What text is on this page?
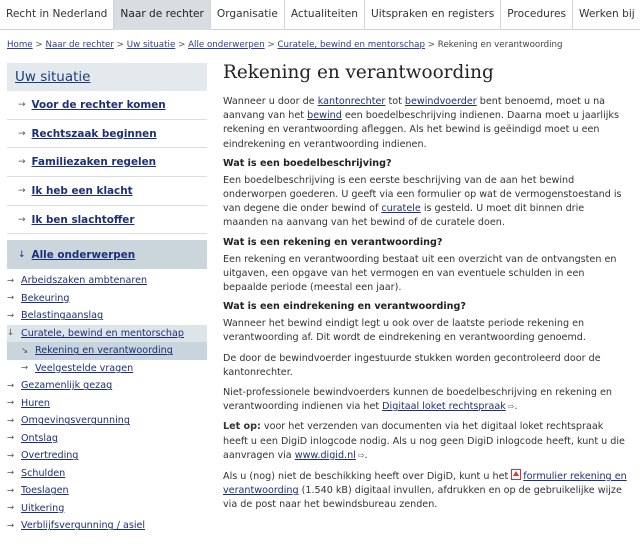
Recht in Nederland	Naar de rechter	Organisatie	Actualiteiten	Uitspraken en registers	Procedures	Werken bij
Home > Naar de rechter > Uw situatie > Alle onderwerpen > Curatele, bewind en mentorschap > Rekening en verantwoording
Uw situatie
→ Voor de rechter komen
→ Rechtszaak beginnen
→ Familiezaken regelen
→ Ik heb een klacht
→ Ik ben slachtoffer
↓ Alle onderwerpen
→ Arbeidszaken ambtenaren
→ Bekeuring
→ Belastingaanslag
↓ Curatele, bewind en mentorschap
↘ Rekening en verantwoording
→ Veelgestelde vragen
→ Gezamenlijk gezag
→ Huren
→ Omgevingsvergunning
→ Ontslag
→ Overtreding
→ Schulden
→ Toeslagen
→ Uitkering
→ Verblijfsvergunning / asiel
Rekening en verantwoording

Wanneer u door de kantonrechter tot bewindvoerder bent benoemd, moet u na aanvang van het bewind een boedelbeschrijving indienen. Daarna moet u jaarlijks rekening en verantwoording afleggen. Als het bewind is geëindigd moet u een eindrekening en verantwoording indienen.

Wat is een boedelbeschrijving?

Een boedelbeschrijving is een eerste beschrijving van de aan het bewind onderworpen goederen. U geeft via een formulier op wat de vermogenstoestand is van degene die onder bewind of curatele is gesteld. U moet dit binnen drie maanden na aanvang van het bewind of de curatele doen.

Wat is een rekening en verantwoording?

Een rekening en verantwoording bestaat uit een overzicht van de ontvangsten en uitgaven, een opgave van het vermogen en van eventuele schulden in een bepaalde periode (meestal een jaar).

Wat is een eindrekening en verantwoording?

Wanneer het bewind eindigt legt u ook over de laatste periode rekening en verantwoording af. Dit wordt de eindrekening en verantwoording genoemd.

De door de bewindvoerder ingestuurde stukken worden gecontroleerd door de kantonrechter.

Niet-professionele bewindvoerders kunnen de boedelbeschrijving en rekening en verantwoording indienen via het Digitaal loket rechtspraak ⇨.

Let op: voor het verzenden van documenten via het digitaal loket rechtspraak heeft u een DigiD inlogcode nodig. Als u nog geen DigiD inlogcode heeft, kunt u die aanvragen via www.digid.nl ⇨.

Als u (nog) niet de beschikking heeft over DigiD, kunt u het formulier rekening en verantwoording (1.540 kB) digitaal invullen, afdrukken en op de gebruikelijke wijze via de post naar het bewindsbureau zenden.
